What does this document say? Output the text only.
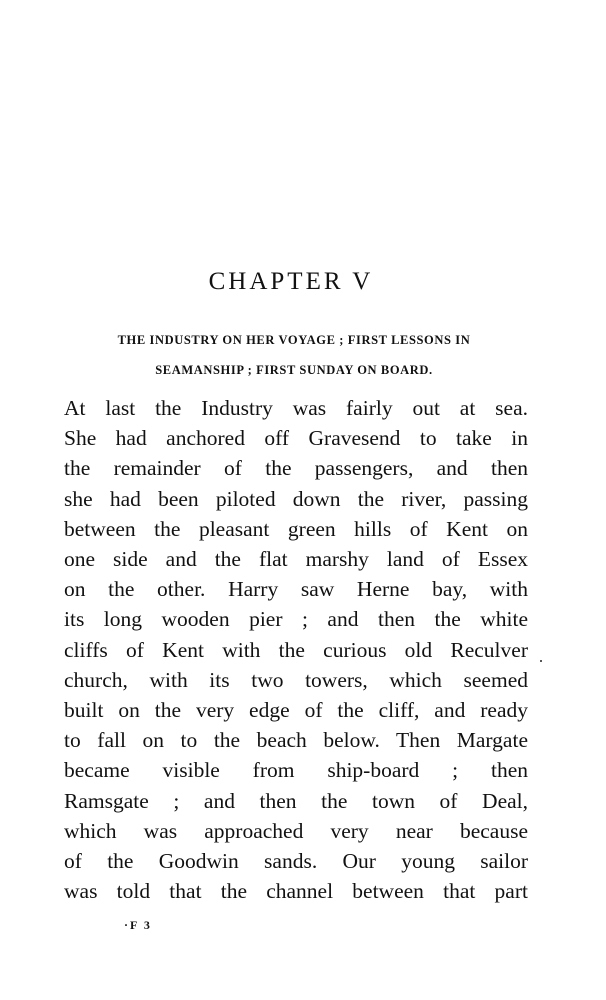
CHAPTER V
THE INDUSTRY ON HER VOYAGE ; FIRST LESSONS IN
SEAMANSHIP ; FIRST SUNDAY ON BOARD.
At last the Industry was fairly out at sea.
She had anchored off Gravesend to take in
the remainder of the passengers, and then
she had been piloted down the river, passing
between the pleasant green hills of Kent on
one side and the flat marshy land of Essex
on the other. Harry saw Herne bay, with
its long wooden pier ; and then the white
cliffs of Kent with the curious old Reculver
church, with its two towers, which seemed
built on the very edge of the cliff, and ready
to fall on to the beach below. Then Margate
became visible from ship-board ; then
Ramsgate ; and then the town of Deal,
which was approached very near because
of the Goodwin sands. Our young sailor
was told that the channel between that part
·F 3
